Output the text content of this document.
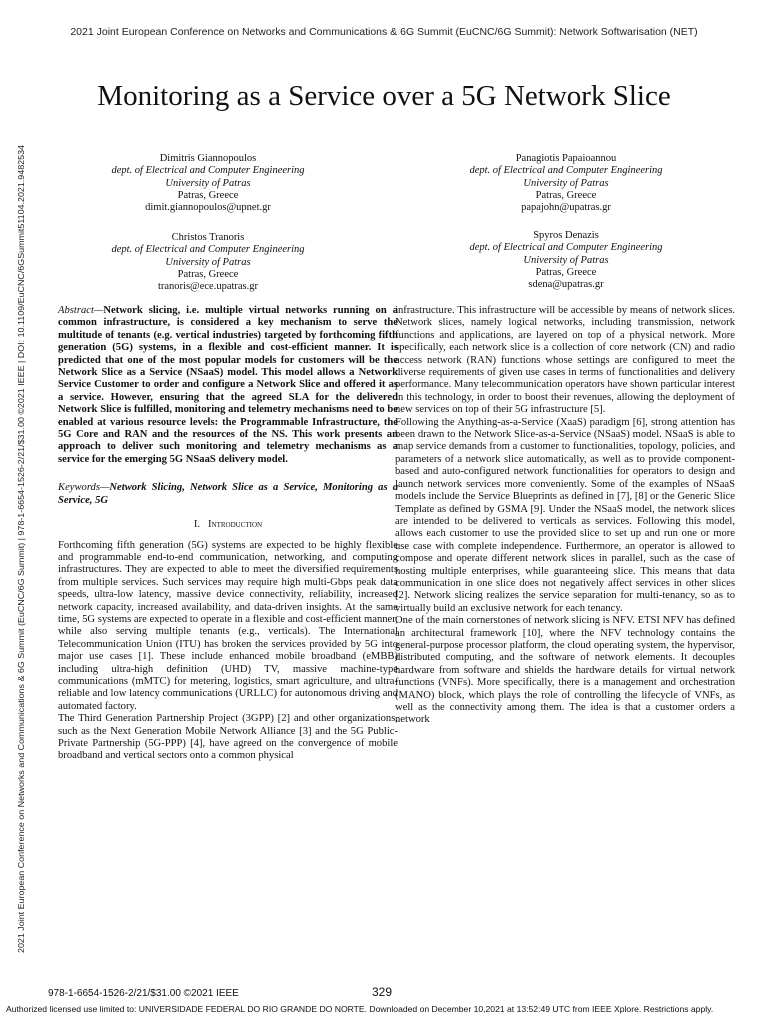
2021 Joint European Conference on Networks and Communications & 6G Summit (EuCNC/6G Summit): Network Softwarisation (NET)
Monitoring as a Service over a 5G Network Slice
Dimitris Giannopoulos
dept. of Electrical and Computer Engineering
University of Patras
Patras, Greece
dimit.giannopoulos@upnet.gr
Panagiotis Papaioannou
dept. of Electrical and Computer Engineering
University of Patras
Patras, Greece
papajohn@upatras.gr
Christos Tranoris
dept. of Electrical and Computer Engineering
University of Patras
Patras, Greece
tranoris@ece.upatras.gr
Spyros Denazis
dept. of Electrical and Computer Engineering
University of Patras
Patras, Greece
sdena@upatras.gr
2021 Joint European Conference on Networks and Communications & 6G Summit (EuCNC/6G Summit) | 978-1-6654-1526-2/21/$31.00 ©2021 IEEE | DOI: 10.1109/EuCNC/6GSummit51104.2021.9482534	Abstract—Network slicing, i.e. multiple virtual networks running on a common infrastructure, is considered a key mechanism to serve the multitude of tenants (e.g. vertical industries) targeted by forthcoming fifth generation (5G) systems, in a flexible and cost-efficient manner. It is predicted that one of the most popular models for customers will be the Network Slice as a Service (NSaaS) model. This model allows a Network Service Customer to order and configure a Network Slice and offered it as a service. However, ensuring that the agreed SLA for the delivered Network Slice is fulfilled, monitoring and telemetry mechanisms need to be enabled at various resource levels: the Programmable Infrastructure, the 5G Core and RAN and the resources of the NS. This work presents an approach to deliver such monitoring and telemetry mechanisms as a service for the emerging 5G NSaaS delivery model.

Keywords—Network Slicing, Network Slice as a Service, Monitoring as a Service, 5G

I. Introduction

Forthcoming fifth generation (5G) systems are expected to be highly flexible and programmable end-to-end communication, networking, and computing infrastructures. They are expected to able to meet the diversified requirements from multiple services. Such services may require high multi-Gbps peak data speeds, ultra-low latency, massive device connectivity, reliability, increased network capacity, increased availability, and data-driven insights. At the same time, 5G systems are expected to operate in a flexible and cost-efficient manner, while also serving multiple tenants (e.g., verticals). The International Telecommunication Union (ITU) has broken the services provided by 5G into major use cases [1]. These include enhanced mobile broadband (eMBB) including ultra-high definition (UHD) TV, massive machine-type communications (mMTC) for metering, logistics, smart agriculture, and ultra-reliable and low latency communications (URLLC) for autonomous driving and automated factory.

The Third Generation Partnership Project (3GPP) [2] and other organizations, such as the Next Generation Mobile Network Alliance [3] and the 5G Public-Private Partnership (5G-PPP) [4], have agreed on the convergence of mobile broadband and vertical sectors onto a common physical

infrastructure. This infrastructure will be accessible by means of network slices. Network slices, namely logical networks, including transmission, network functions and applications, are layered on top of a physical network. More specifically, each network slice is a collection of core network (CN) and radio access network (RAN) functions whose settings are configured to meet the diverse requirements of given use cases in terms of functionalities and delivery performance. Many telecommunication operators have shown particular interest in this technology, in order to boost their revenues, allowing the deployment of new services on top of their 5G infrastructure [5].

Following the Anything-as-a-Service (XaaS) paradigm [6], strong attention has been drawn to the Network Slice-as-a-Service (NSaaS) model. NSaaS is able to map service demands from a customer to functionalities, topology, policies, and parameters of a network slice automatically, as well as to provide component-based and auto-configured network functionalities for operators to design and launch network services more conveniently. Some of the examples of NSaaS models include the Service Blueprints as defined in [7], [8] or the Generic Slice Template as defined by GSMA [9]. Under the NSaaS model, the network slices are intended to be delivered to verticals as services. Following this model, allows each customer to use the provided slice to set up and run one or more use case with complete independence. Furthermore, an operator is allowed to compose and operate different network slices in parallel, such as the case of hosting multiple enterprises, while guaranteeing slice. This means that data communication in one slice does not negatively affect services in other slices [2]. Network slicing realizes the service separation for multi-tenancy, so as to virtually build an exclusive network for each tenancy.

One of the main cornerstones of network slicing is NFV. ETSI NFV has defined an architectural framework [10], where the NFV technology contains the general-purpose processor platform, the cloud operating system, the hypervisor, distributed computing, and the software of network elements. It decouples hardware from software and shields the hardware details for virtual network functions (VNFs). More specifically, there is a management and orchestration (MANO) block, which plays the role of controlling the lifecycle of VNFs, as well as the connectivity among them. The idea is that a customer orders a network

978-1-6654-1526-2/21/$31.00 ©2021 IEEE	329
Authorized licensed use limited to: UNIVERSIDADE FEDERAL DO RIO GRANDE DO NORTE. Downloaded on December 10,2021 at 13:52:49 UTC from IEEE Xplore. Restrictions apply.
